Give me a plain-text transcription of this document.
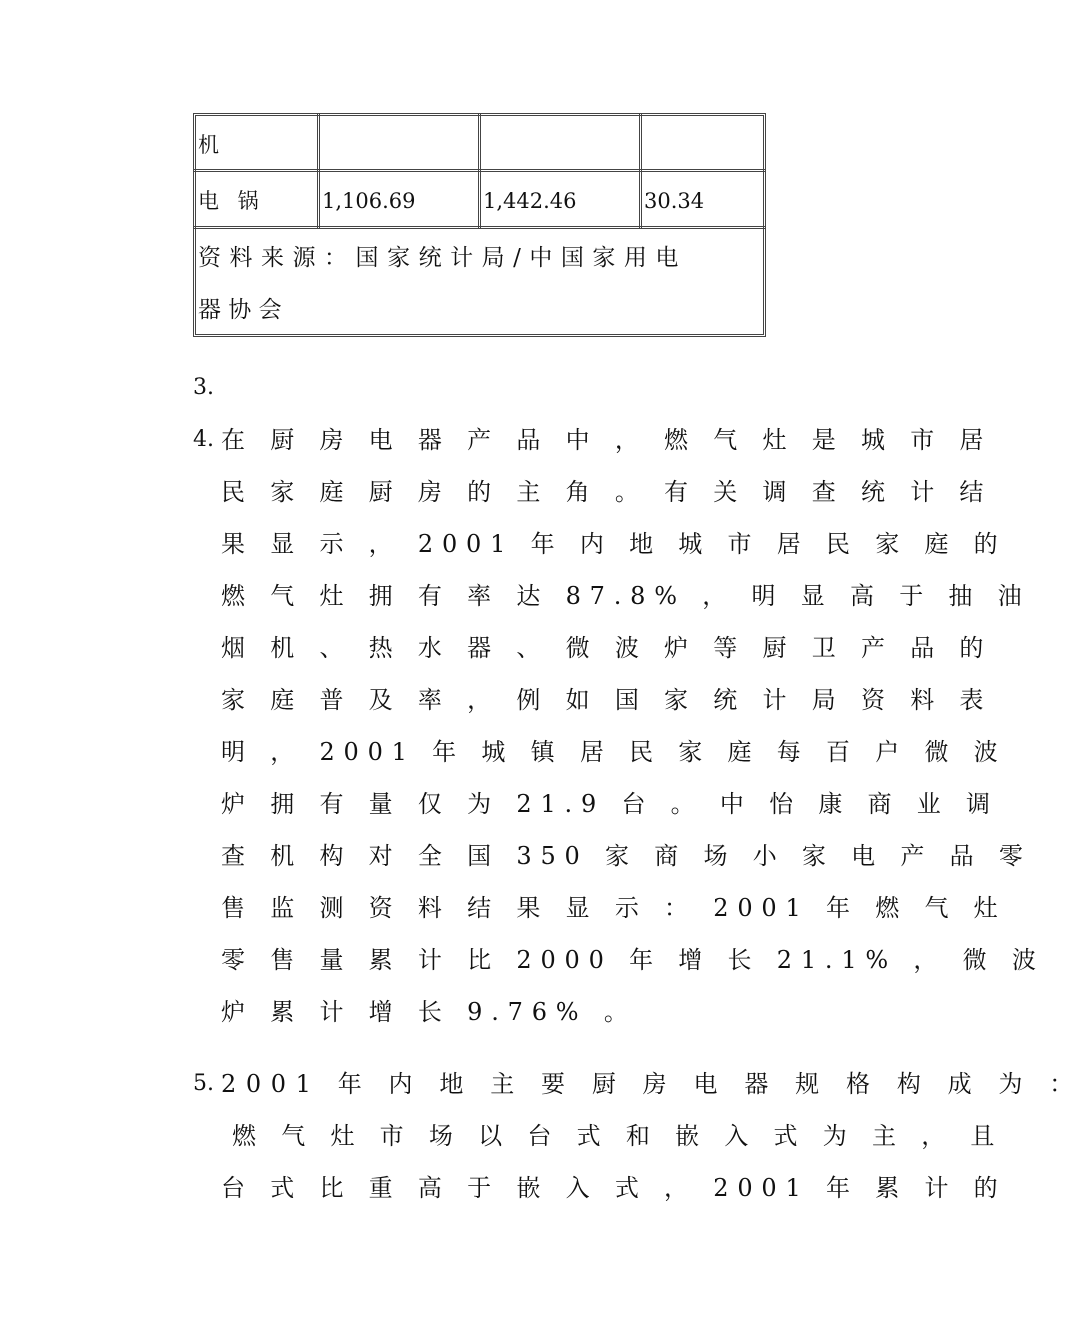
机
电 锅	1,106.69	1,442.46	30.34
资 料 来 源 ： 国 家 统 计 局 / 中 国 家 用 电
器 协 会
3.
4. 在 厨 房 电 器 产 品 中 ， 燃 气 灶 是 城 市 居
民 家 庭 厨 房 的 主 角 。 有 关 调 查 统 计 结
果 显 示 ， 2001 年 内 地 城 市 居 民 家 庭 的
燃 气 灶 拥 有 率 达 87.8% ， 明 显 高 于 抽 油
烟 机 、 热 水 器 、 微 波 炉 等 厨 卫 产 品 的
家 庭 普 及 率 ， 例 如 国 家 统 计 局 资 料 表
明 ， 2001 年 城 镇 居 民 家 庭 每 百 户 微 波
炉 拥 有 量 仅 为 21.9 台 。 中 怡 康 商 业 调
查 机 构 对 全 国 350 家 商 场 小 家 电 产 品 零
售 监 测 资 料 结 果 显 示 ： 2001 年 燃 气 灶
零 售 量 累 计 比 2000 年 增 长 21.1% ， 微 波
炉 累 计 增 长 9.76% 。
5. 2001 年 内 地 主 要 厨 房 电 器 规 格 构 成 为 ：
燃 气 灶 市 场 以 台 式 和 嵌 入 式 为 主 ， 且
台 式 比 重 高 于 嵌 入 式 ， 2001 年 累 计 的
